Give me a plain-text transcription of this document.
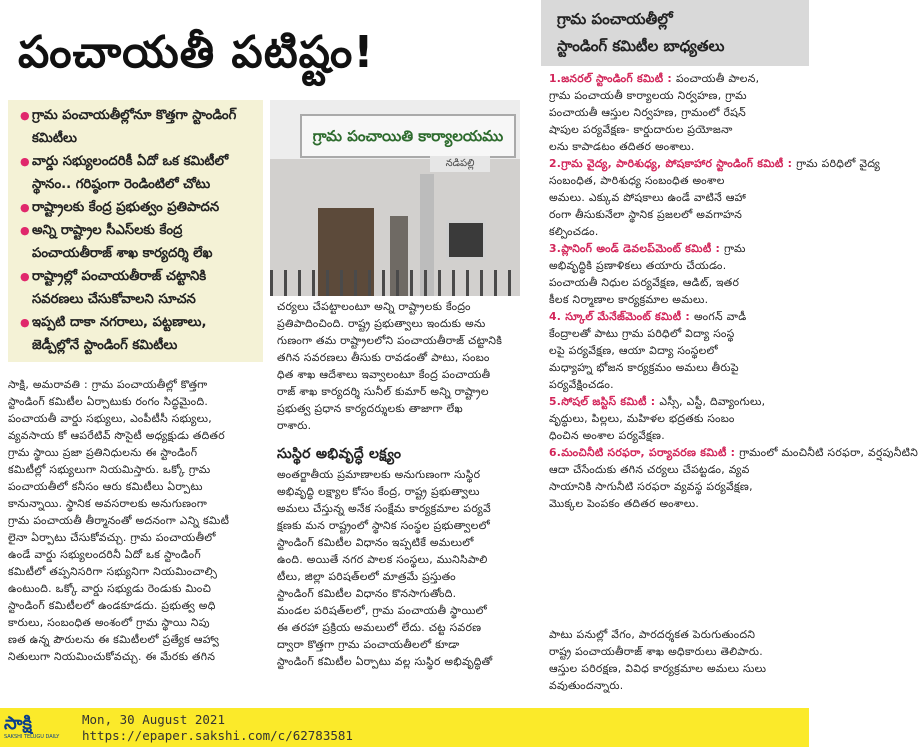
పంచాయతీ పటిష్టం!
గ్రామ పంచాయతీల్లో
స్టాండింగ్ కమిటీల బాధ్యతలు
● గ్రామ పంచాయతీల్లోనూ కొత్తగా స్టాండింగ్ కమిటీలు
● వార్డు సభ్యులందరికీ ఏదో ఒక కమిటీలో స్థానం.. గరిష్ఠంగా రెండింటిలో చోటు
● రాష్ట్రాలకు కేంద్ర ప్రభుత్వం ప్రతిపాదన
● అన్ని రాష్ట్రాల సీఎస్‌లకు కేంద్ర పంచాయతీరాజ్ శాఖ కార్యదర్శి లేఖ
● రాష్ట్రాల్లో పంచాయతీరాజ్ చట్టానికి సవరణలు చేసుకోవాలని సూచన
● ఇప్పటి దాకా నగరాలు, పట్టణాలు, జెడ్పీల్లోనే స్టాండింగ్ కమిటీలు
గ్రామ పంచాయితి కార్యాలయము
నడిపల్లి
సాక్షి, అమరావతి : గ్రామ పంచాయతీల్లో కొత్తగా
స్టాండింగ్ కమిటీల ఏర్పాటుకు రంగం సిద్ధమైంది.
పంచాయతీ వార్డు సభ్యులు, ఎంపీటీసీ సభ్యులు,
వ్యవసాయ కో ఆపరేటివ్ సొసైటీ అధ్యక్షుడు తదితర
గ్రామ స్థాయి ప్రజా ప్రతినిధులను ఈ స్టాండింగ్
కమిటీల్లో సభ్యులుగా నియమిస్తారు. ఒక్కో గ్రామ
పంచాయతీలో కనీసం ఆరు కమిటీలు ఏర్పాటు
కానున్నాయి. స్థానిక అవసరాలకు అనుగుణంగా
గ్రామ పంచాయతీ తీర్మానంతో అదనంగా ఎన్ని కమిటీ
లైనా ఏర్పాటు చేసుకోవచ్చు. గ్రామ పంచాయతీలో
ఉండే వార్డు సభ్యులందరినీ ఏదో ఒక స్టాండింగ్
కమిటీలో తప్పనిసరిగా సభ్యునిగా నియమించాల్సి
ఉంటుంది. ఒక్కో వార్డు సభ్యుడు రెండుకు మించి
స్టాండింగ్ కమిటీలలో ఉండకూడదు. ప్రభుత్వ అధి
కారులు, సంబంధిత అంశంలో గ్రామ స్థాయి నిపు
ణత ఉన్న పౌరులను ఈ కమిటీలలో ప్రత్యేక ఆహ్వా
నితులుగా నియమించుకోవచ్చు. ఈ మేరకు తగిన
చర్యలు చేపట్టాలంటూ అన్ని రాష్ట్రాలకు కేంద్రం
ప్రతిపాదించింది. రాష్ట్ర ప్రభుత్వాలు ఇందుకు అను
గుణంగా తమ రాష్ట్రాలలోని పంచాయతీరాజ్ చట్టానికి
తగిన సవరణలు తీసుకు రావడంతో పాటు, సంబం
ధిత శాఖ ఆదేశాలు ఇవ్వాలంటూ కేంద్ర పంచాయతీ
రాజ్ శాఖ కార్యదర్శి సునీల్ కుమార్ అన్ని రాష్ట్రాల
ప్రభుత్వ ప్రధాన కార్యదర్శులకు తాజాగా లేఖ
రాశారు.
సుస్థిర అభివృద్ధే లక్ష్యం
అంతర్జాతీయ ప్రమాణాలకు అనుగుణంగా సుస్థిర
అభివృద్ధి లక్ష్యాల కోసం కేంద్ర, రాష్ట్ర ప్రభుత్వాలు
అమలు చేస్తున్న అనేక సంక్షేమ కార్యక్రమాల పర్యవే
క్షణకు మన రాష్ట్రంలో స్థానిక సంస్థల ప్రభుత్వాలలో
స్టాండింగ్ కమిటీల విధానం ఇప్పటికే అమలులో
ఉంది. అయితే నగర పాలక సంస్థలు, మునిసిపాలి
టీలు, జిల్లా పరిషత్‌లలో మాత్రమే ప్రస్తుతం
స్టాండింగ్ కమిటీల విధానం కొనసాగుతోంది.
మండల పరిషత్‌లలో, గ్రామ పంచాయతీ స్థాయిలో
ఈ తరహా ప్రక్రియ అమలులో లేదు. చట్ట సవరణ
ద్వారా కొత్తగా గ్రామ పంచాయతీలలో కూడా
స్టాండింగ్ కమిటీల ఏర్పాటు వల్ల సుస్థిర అభివృద్ధితో
1.జనరల్ స్టాండింగ్ కమిటీ : పంచాయతీ పాలన,
గ్రామ పంచాయతీ కార్యాలయ నిర్వహణ, గ్రామ
పంచాయతీ ఆస్తుల నిర్వహణ, గ్రామంలో రేషన్
షాపుల పర్యవేక్షణ- కార్డుదారుల ప్రయోజనా
లను కాపాడటం తదితర అంశాలు.
2.గ్రామ వైద్య, పారిశుధ్య, పోషకాహార స్టాండింగ్ కమిటీ : గ్రామ పరిధిలో వైద్య
సంబంధిత, పారిశుధ్య సంబంధిత అంశాల
అమలు. ఎక్కువ పోషకాలు ఉండే వాటినే ఆహా
రంగా తీసుకునేలా స్థానిక ప్రజలలో అవగాహన
కల్పించడం.
3.ప్లానింగ్ అండ్ డెవలప్‌మెంట్ కమిటీ : గ్రామ
అభివృద్ధికి ప్రణాళికలు తయారు చేయడం.
పంచాయతీ నిధుల పర్యవేక్షణ, ఆడిట్, ఇతర
కీలక నిర్మాణాల కార్యక్రమాల అమలు.
4. స్కూల్ మేనేజ్‌మెంట్ కమిటీ : అంగన్ వాడీ
కేంద్రాలతో పాటు గ్రామ పరిధిలో విద్యా సంస్థ
లపై పర్యవేక్షణ, ఆయా విద్యా సంస్థలలో
మధ్యాహ్న భోజన కార్యక్రమం అమలు తీరుపై
పర్యవేక్షించడం.
5.సోషల్ జస్టిస్ కమిటీ : ఎస్సీ, ఎస్టీ, దివ్యాంగులు,
వృద్ధులు, పిల్లలు, మహిళల భద్రతకు సంబం
ధించిన అంశాల పర్యవేక్షణ.
6.మంచినీటి సరఫరా, పర్యావరణ కమిటీ : గ్రామంలో మంచినీటి సరఫరా, వర్షపునీటిని
ఆదా చేసేందుకు తగిన చర్యలు చేపట్టడం, వ్యవ
సాయానికి సాగునీటి సరఫరా వ్యవస్థ పర్యవేక్షణ,
మొక్కల పెంపకం తదితర అంశాలు.
పాటు పనుల్లో వేగం, పారదర్శకత పెరుగుతుందని
రాష్ట్ర పంచాయతీరాజ్ శాఖ అధికారులు తెలిపారు.
ఆస్తుల పరిరక్షణ, వివిధ కార్యక్రమాల అమలు సులు
వవుతుందన్నారు.
సాక్షి
SAKSHI TELUGU DAILY
Mon, 30 August 2021
https://epaper.sakshi.com/c/62783581
